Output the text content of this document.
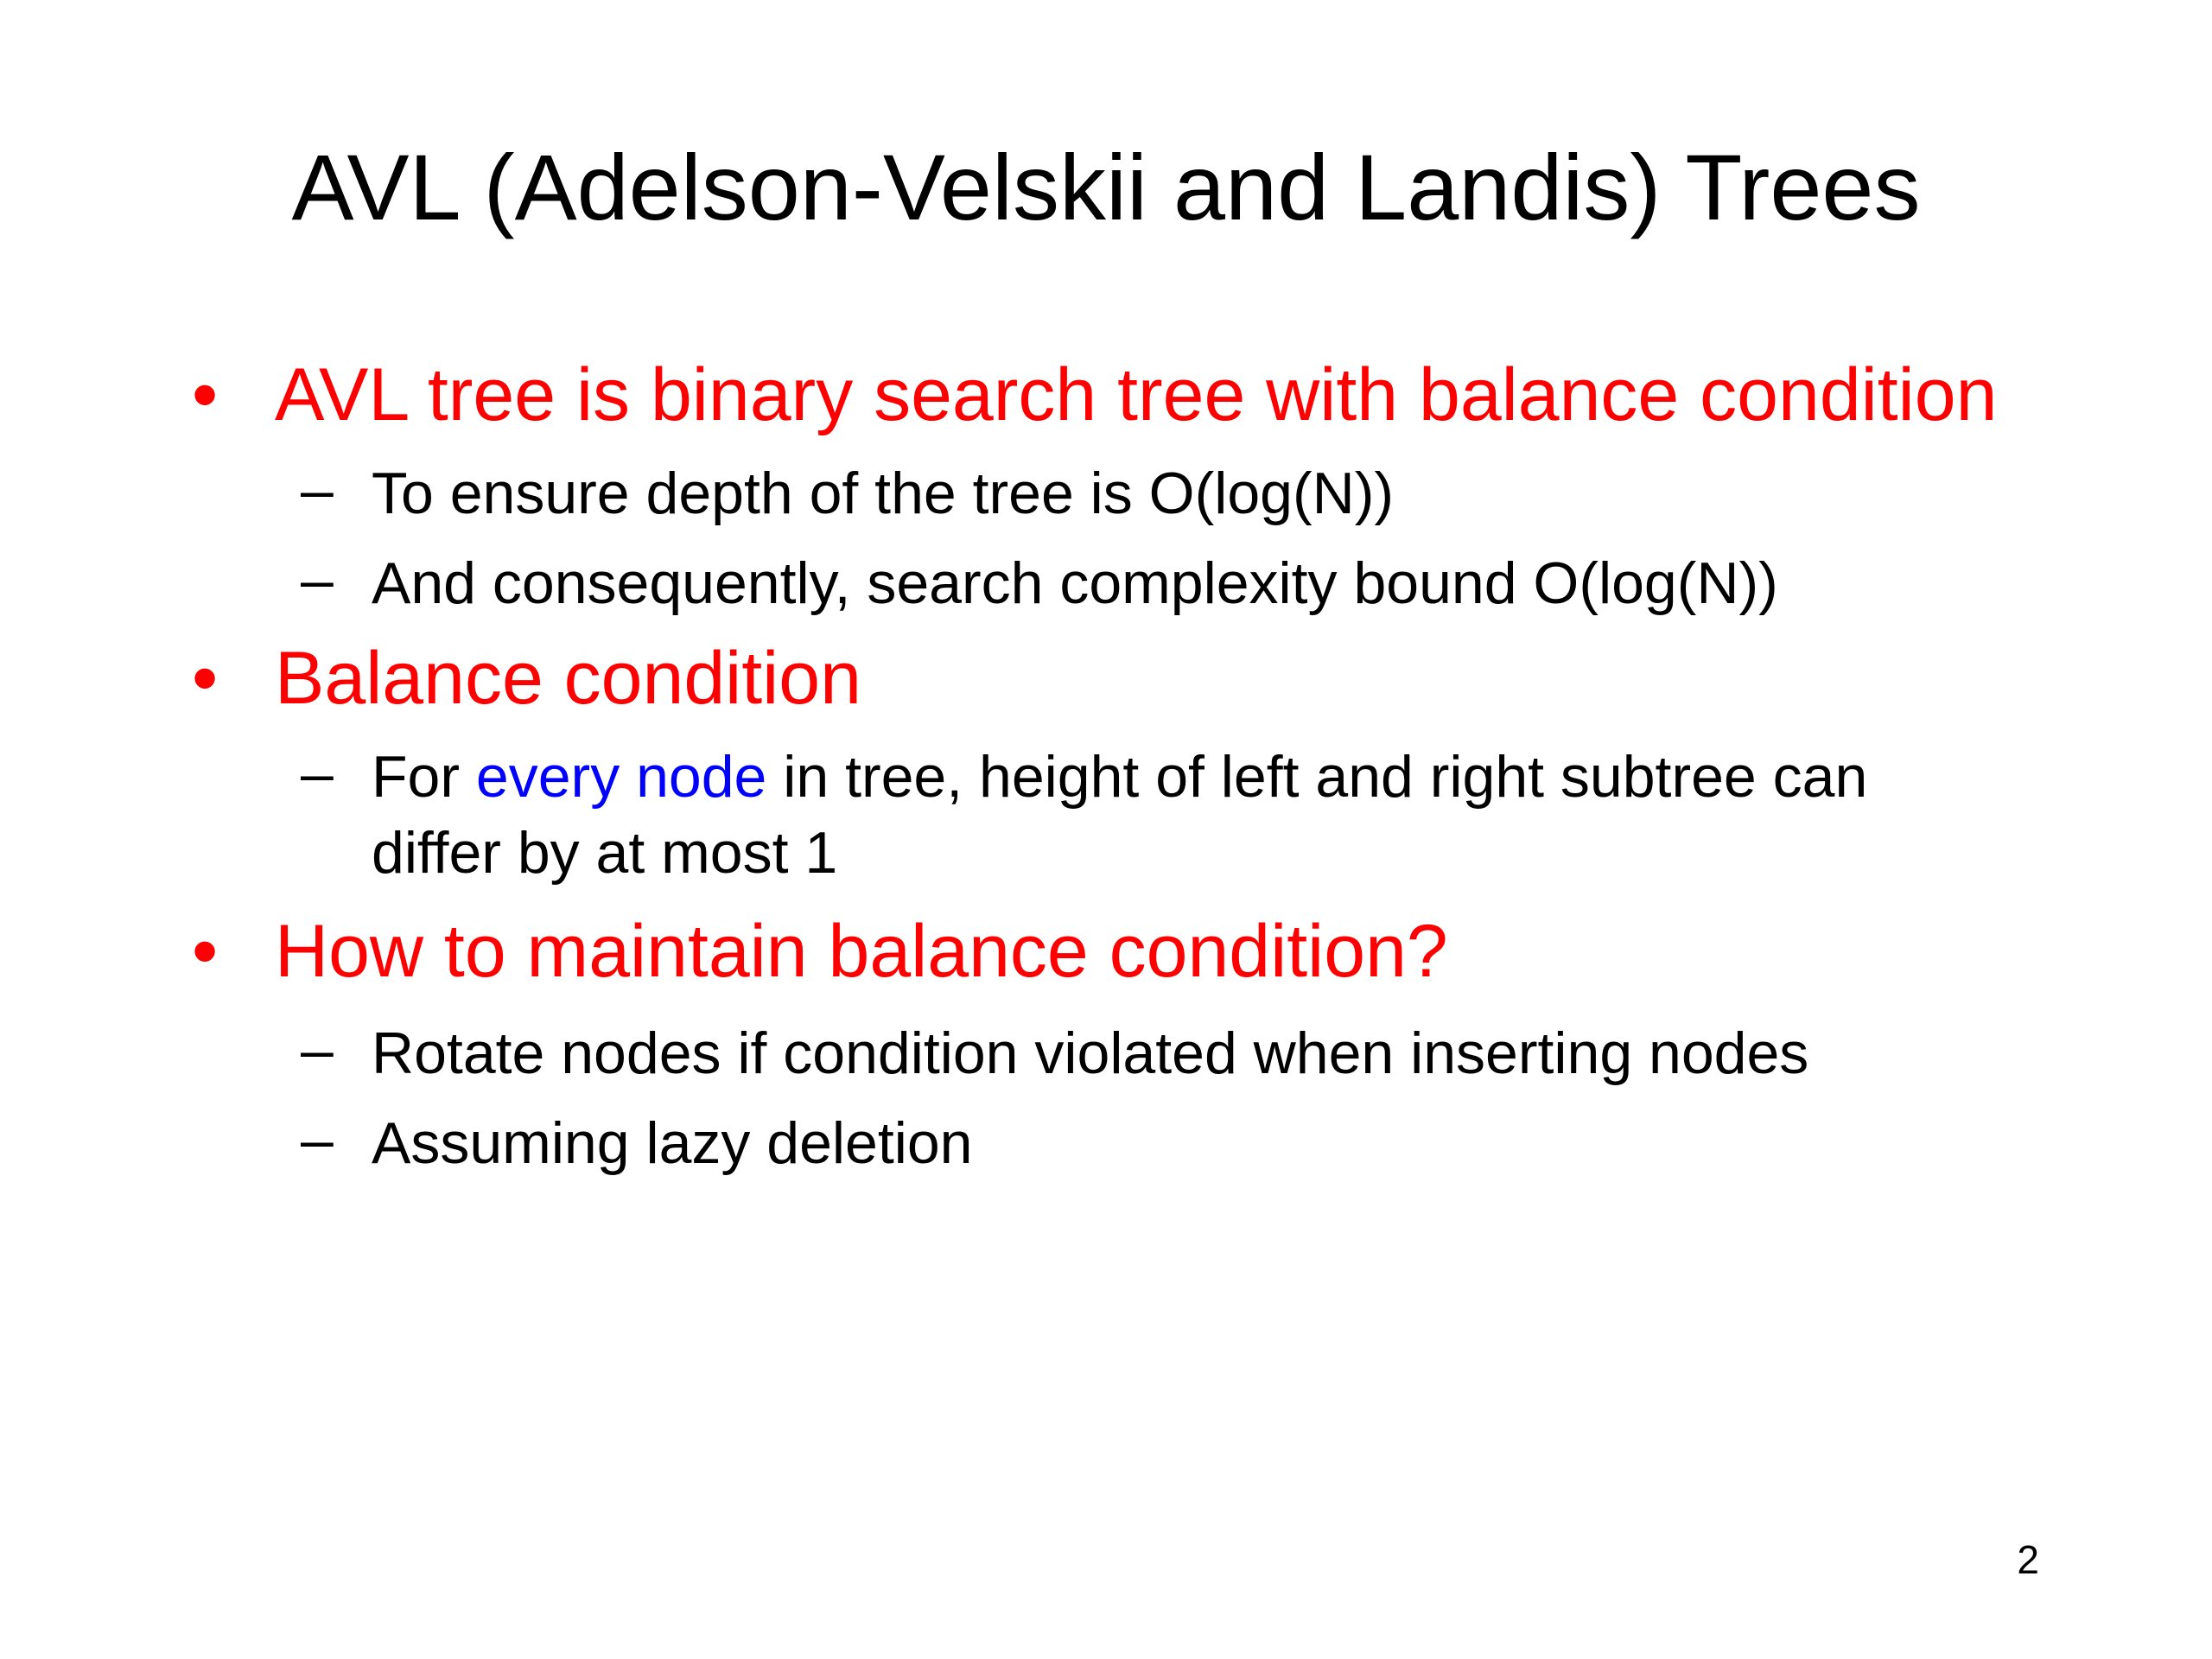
AVL (Adelson-Velskii and Landis) Trees
• AVL tree is binary search tree with balance condition
– To ensure depth of the tree is O(log(N))
– And consequently, search complexity bound O(log(N))
• Balance condition
– For every node in tree, height of left and right subtree can
differ by at most 1
• How to maintain balance condition?
– Rotate nodes if condition violated when inserting nodes
– Assuming lazy deletion
2
